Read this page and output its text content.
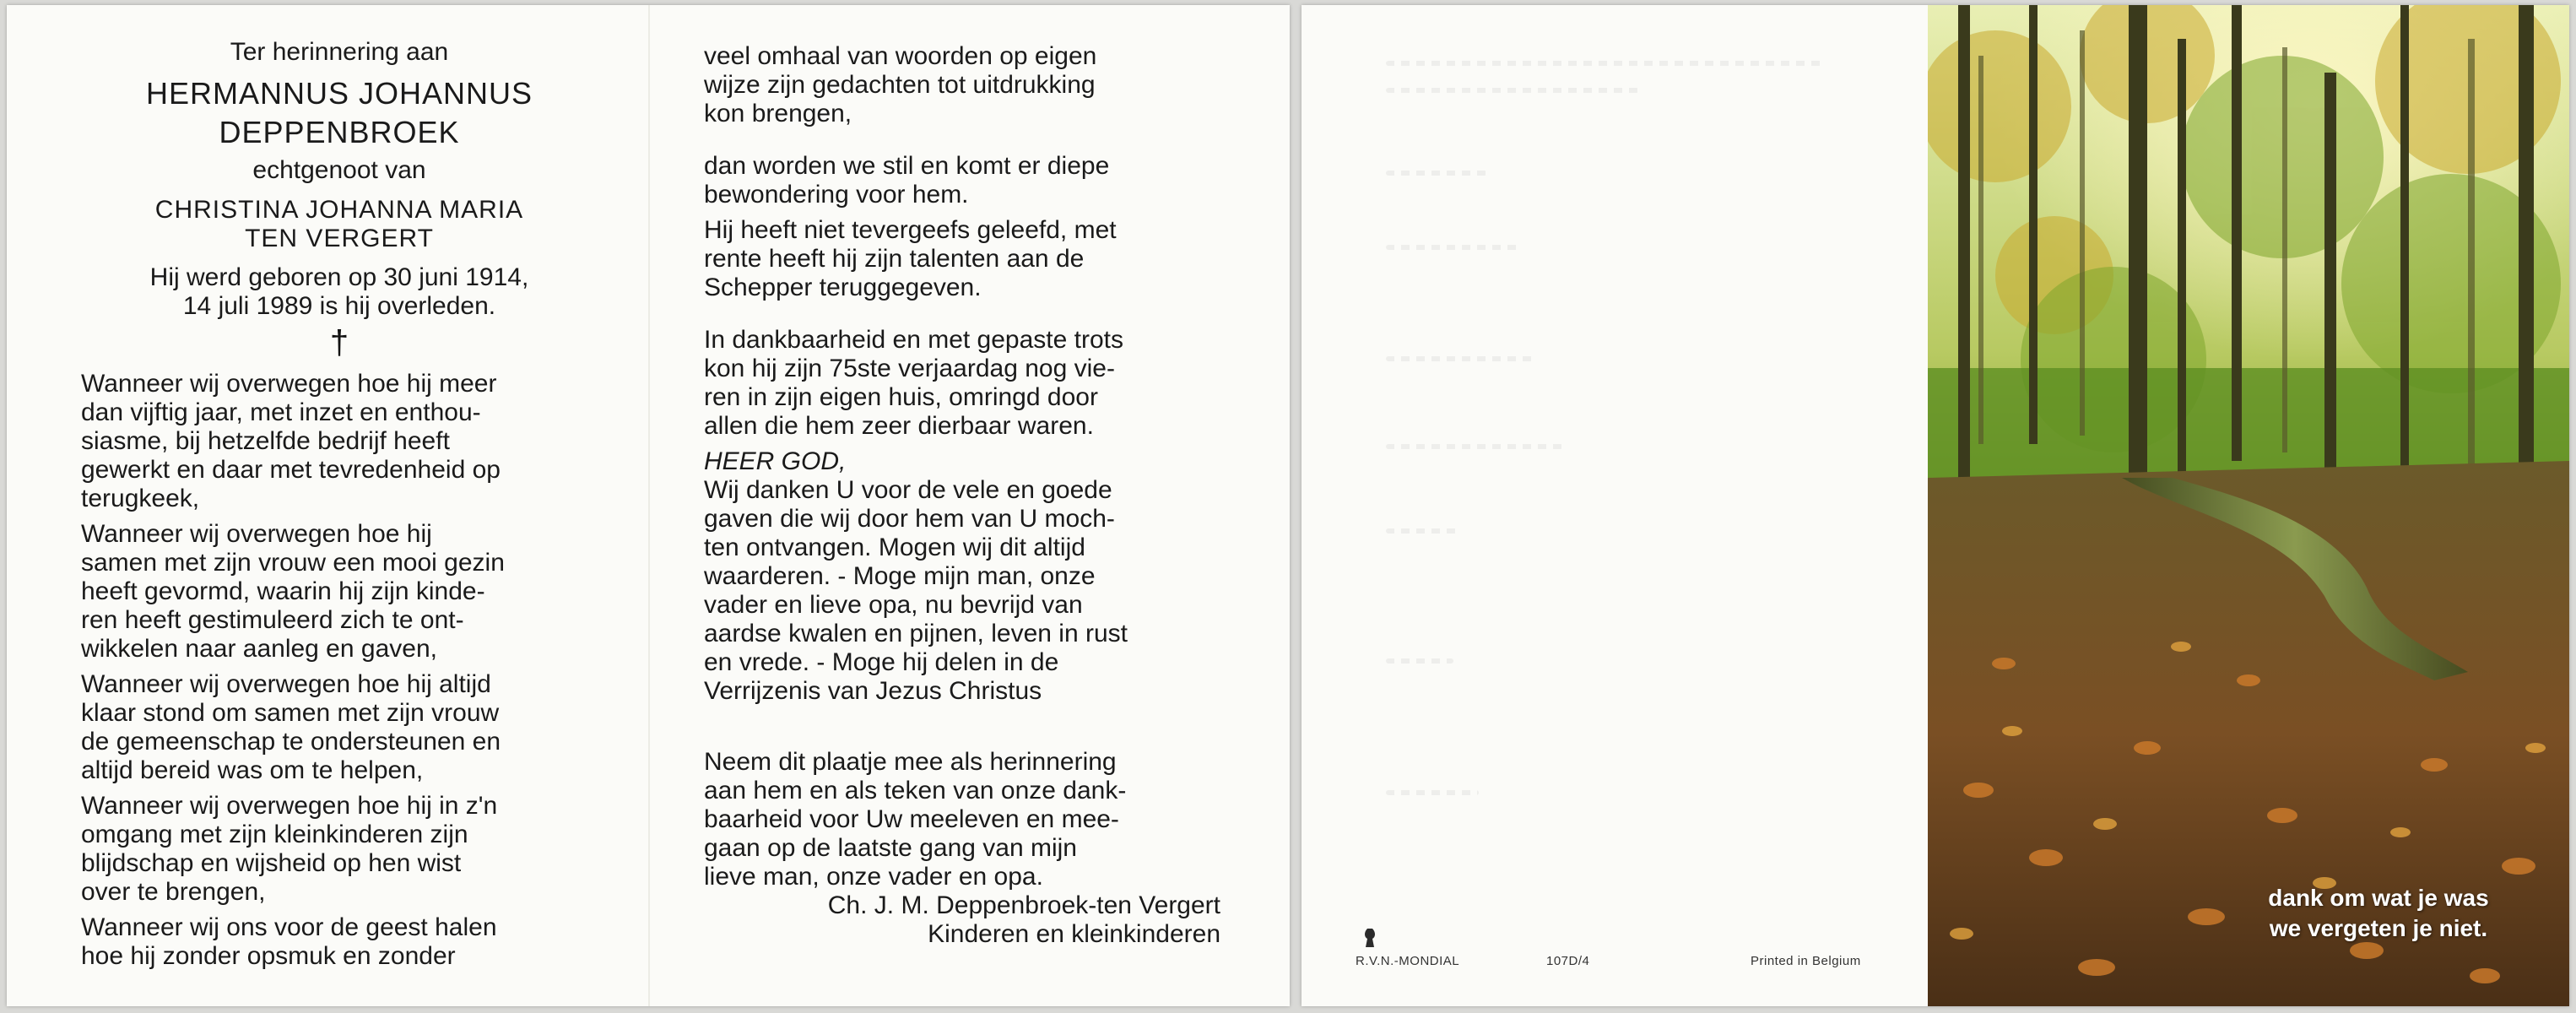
Ter herinnering aan
HERMANNUS JOHANNUS
DEPPENBROEK
echtgenoot van
CHRISTINA JOHANNA MARIA
TEN VERGERT
Hij werd geboren op 30 juni 1914,
14 juli 1989 is hij overleden.
†

Wanneer wij overwegen hoe hij meer
dan vijftig jaar, met inzet en enthou-
siasme, bij hetzelfde bedrijf heeft
gewerkt en daar met tevredenheid op
terugkeek,

Wanneer wij overwegen hoe hij
samen met zijn vrouw een mooi gezin
heeft gevormd, waarin hij zijn kinde-
ren heeft gestimuleerd zich te ont-
wikkelen naar aanleg en gaven,

Wanneer wij overwegen hoe hij altijd
klaar stond om samen met zijn vrouw
de gemeenschap te ondersteunen en
altijd bereid was om te helpen,

Wanneer wij overwegen hoe hij in z'n
omgang met zijn kleinkinderen zijn
blijdschap en wijsheid op hen wist
over te brengen,

Wanneer wij ons voor de geest halen
hoe hij zonder opsmuk en zonder

veel omhaal van woorden op eigen
wijze zijn gedachten tot uitdrukking
kon brengen,

dan worden we stil en komt er diepe
bewondering voor hem.

Hij heeft niet tevergeefs geleefd, met
rente heeft hij zijn talenten aan de
Schepper teruggegeven.

In dankbaarheid en met gepaste trots
kon hij zijn 75ste verjaardag nog vie-
ren in zijn eigen huis, omringd door
allen die hem zeer dierbaar waren.

HEER GOD,

Wij danken U voor de vele en goede
gaven die wij door hem van U moch-
ten ontvangen. Mogen wij dit altijd
waarderen. - Moge mijn man, onze
vader en lieve opa, nu bevrijd van
aardse kwalen en pijnen, leven in rust
en vrede. - Moge hij delen in de
Verrijzenis van Jezus Christus

Neem dit plaatje mee als herinnering
aan hem en als teken van onze dank-
baarheid voor Uw meeleven en mee-
gaan op de laatste gang van mijn
lieve man, onze vader en opa.

Ch. J. M. Deppenbroek-ten Vergert
Kinderen en kleinkinderen
R.V.N.-MONDIAL	107D/4	Printed in Belgium
dank om wat je was
we vergeten je niet.
